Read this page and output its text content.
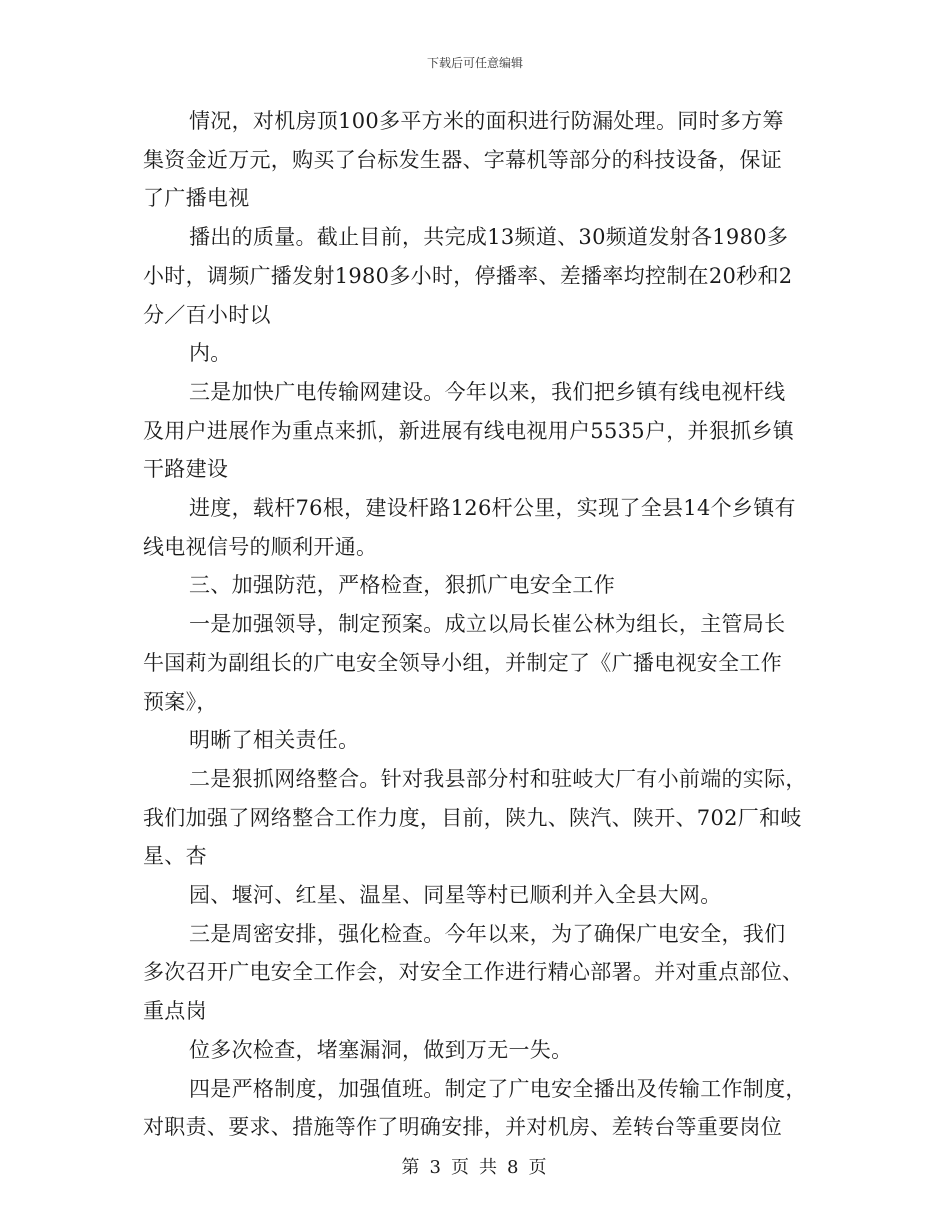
下载后可任意编辑
情况，对机房顶100多平方米的面积进行防漏处理。同时多方筹
集资金近万元，购买了台标发生器、字幕机等部分的科技设备，保证
了广播电视
播出的质量。截止目前，共完成13频道、30频道发射各1980多
小时，调频广播发射1980多小时，停播率、差播率均控制在20秒和2
分／百小时以
内。
三是加快广电传输网建设。今年以来，我们把乡镇有线电视杆线
及用户进展作为重点来抓，新进展有线电视用户5535户，并狠抓乡镇
干路建设
进度，载杆76根，建设杆路126杆公里，实现了全县14个乡镇有
线电视信号的顺利开通。
三、加强防范，严格检查，狠抓广电安全工作
一是加强领导，制定预案。成立以局长崔公林为组长，主管局长
牛国莉为副组长的广电安全领导小组，并制定了《广播电视安全工作
预案》，
明晰了相关责任。
二是狠抓网络整合。针对我县部分村和驻岐大厂有小前端的实际，
我们加强了网络整合工作力度，目前，陕九、陕汽、陕开、702厂和岐
星、杏
园、堰河、红星、温星、同星等村已顺利并入全县大网。
三是周密安排，强化检查。今年以来，为了确保广电安全，我们
多次召开广电安全工作会，对安全工作进行精心部署。并对重点部位、
重点岗
位多次检查，堵塞漏洞，做到万无一失。
四是严格制度，加强值班。制定了广电安全播出及传输工作制度，
对职责、要求、措施等作了明确安排，并对机房、差转台等重要岗位
第 3 页 共 8 页
